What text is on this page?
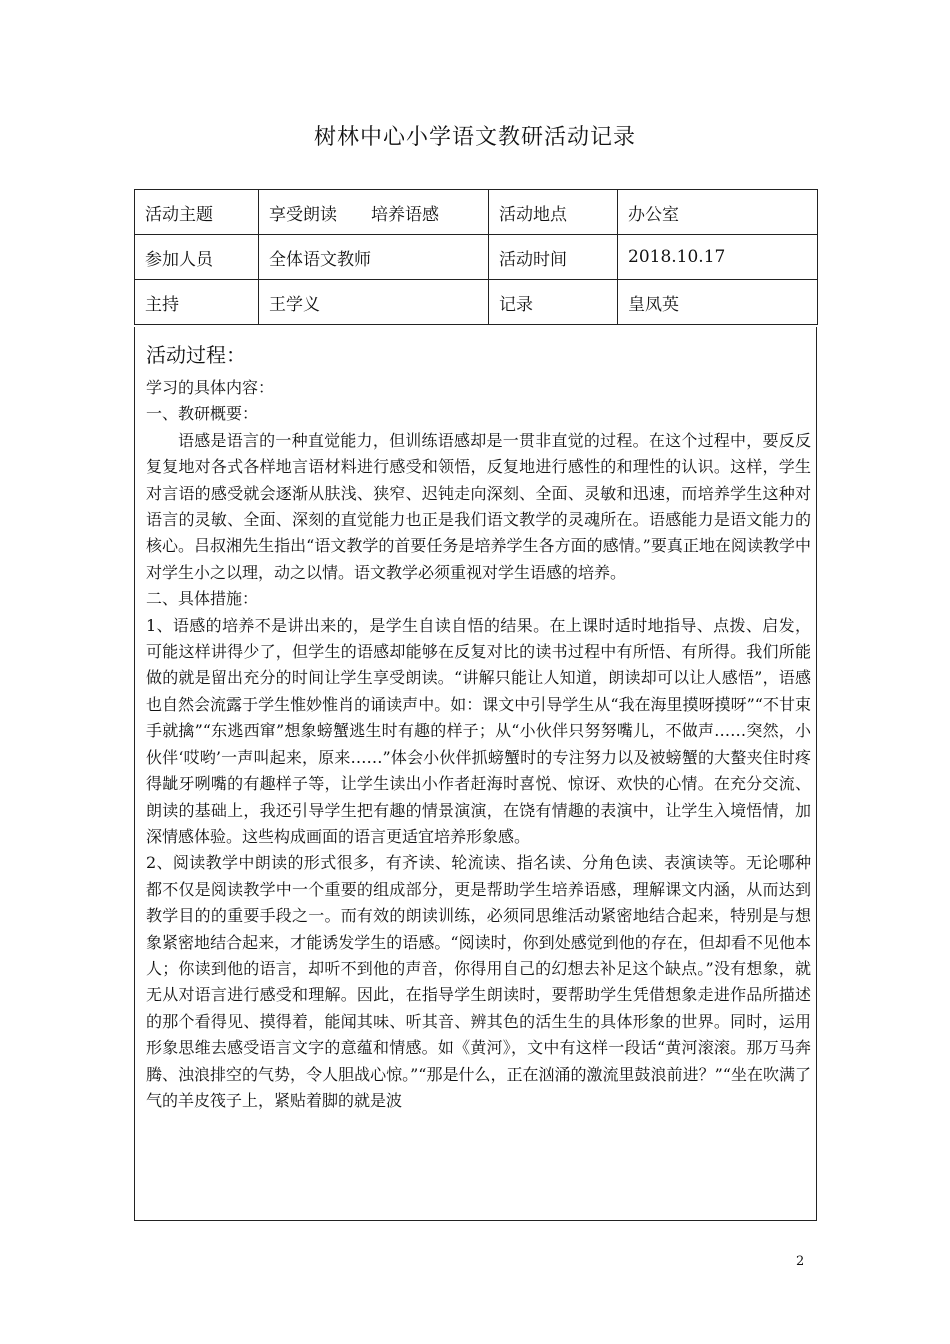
树林中心小学语文教研活动记录
活动主题	享受朗读　　培养语感	活动地点	办公室
参加人员	全体语文教师	活动时间	2018.10.17
主持	王学义	记录	皇凤英
活动过程：

学习的具体内容：

一、教研概要：

语感是语言的一种直觉能力，但训练语感却是一贯非直觉的过程。在这个过程中，要反反复复地对各式各样地言语材料进行感受和领悟，反复地进行感性的和理性的认识。这样，学生对言语的感受就会逐渐从肤浅、狭窄、迟钝走向深刻、全面、灵敏和迅速，而培养学生这种对语言的灵敏、全面、深刻的直觉能力也正是我们语文教学的灵魂所在。语感能力是语文能力的核心。吕叔湘先生指出“语文教学的首要任务是培养学生各方面的感情。”要真正地在阅读教学中对学生小之以理，动之以情。语文教学必须重视对学生语感的培养。

二、具体措施：

1、语感的培养不是讲出来的，是学生自读自悟的结果。在上课时适时地指导、点拨、启发，可能这样讲得少了，但学生的语感却能够在反复对比的读书过程中有所悟、有所得。我们所能做的就是留出充分的时间让学生享受朗读。“讲解只能让人知道，朗读却可以让人感悟”，语感也自然会流露于学生惟妙惟肖的诵读声中。如：课文中引导学生从“我在海里摸呀摸呀”“不甘束手就擒”“东逃西窜”想象螃蟹逃生时有趣的样子；从“小伙伴只努努嘴儿，不做声……突然，小伙伴‘哎哟’一声叫起来，原来……”体会小伙伴抓螃蟹时的专注努力以及被螃蟹的大螯夹住时疼得龇牙咧嘴的有趣样子等，让学生读出小作者赶海时喜悦、惊讶、欢快的心情。在充分交流、朗读的基础上，我还引导学生把有趣的情景演演，在饶有情趣的表演中，让学生入境悟情，加深情感体验。这些构成画面的语言更适宜培养形象感。

2、阅读教学中朗读的形式很多，有齐读、轮流读、指名读、分角色读、表演读等。无论哪种都不仅是阅读教学中一个重要的组成部分，更是帮助学生培养语感，理解课文内涵，从而达到教学目的的重要手段之一。而有效的朗读训练，必须同思维活动紧密地结合起来，特别是与想象紧密地结合起来，才能诱发学生的语感。“阅读时，你到处感觉到他的存在，但却看不见他本人；你读到他的语言，却听不到他的声音，你得用自己的幻想去补足这个缺点。”没有想象，就无从对语言进行感受和理解。因此，在指导学生朗读时，要帮助学生凭借想象走进作品所描述的那个看得见、摸得着，能闻其味、听其音、辨其色的活生生的具体形象的世界。同时，运用形象思维去感受语言文字的意蕴和情感。如《黄河》，文中有这样一段话“黄河滚滚。那万马奔腾、浊浪排空的气势，令人胆战心惊。”“那是什么，正在汹涌的激流里鼓浪前进？”“坐在吹满了气的羊皮筏子上，紧贴着脚的就是波

2
